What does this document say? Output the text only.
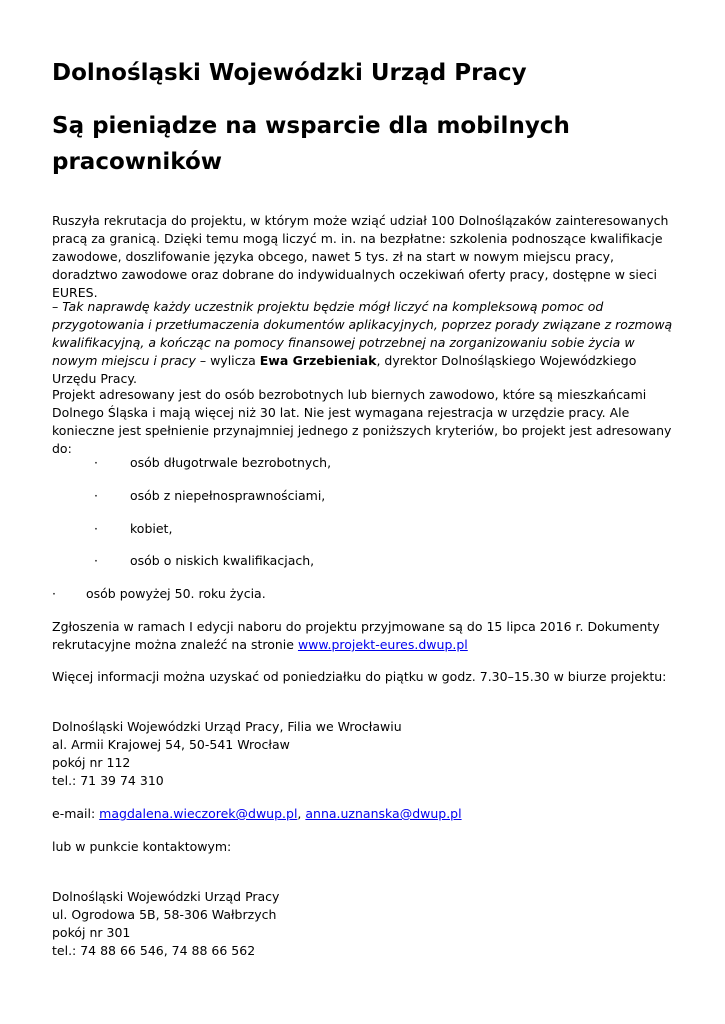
Dolnośląski Wojewódzki Urząd Pracy
Są pieniądze na wsparcie dla mobilnych
pracowników

Ruszyła rekrutacja do projektu, w którym może wziąć udział 100 Dolnoślązaków zainteresowanych pracą za granicą. Dzięki temu mogą liczyć m. in. na bezpłatne: szkolenia podnoszące kwalifikacje zawodowe, doszlifowanie języka obcego, nawet 5 tys. zł na start w nowym miejscu pracy, doradztwo zawodowe oraz dobrane do indywidualnych oczekiwań oferty pracy, dostępne w sieci EURES.

– Tak naprawdę każdy uczestnik projektu będzie mógł liczyć na kompleksową pomoc od przygotowania i przetłumaczenia dokumentów aplikacyjnych, poprzez porady związane z rozmową kwalifikacyjną, a kończąc na pomocy finansowej potrzebnej na zorganizowaniu sobie życia w nowym miejscu i pracy – wylicza Ewa Grzebieniak, dyrektor Dolnośląskiego Wojewódzkiego Urzędu Pracy.

Projekt adresowany jest do osób bezrobotnych lub biernych zawodowo, które są mieszkańcami Dolnego Śląska i mają więcej niż 30 lat. Nie jest wymagana rejestracja w urzędzie pracy. Ale konieczne jest spełnienie przynajmniej jednego z poniższych kryteriów, bo projekt jest adresowany do:

·	osób długotrwale bezrobotnych,
·	osób z niepełnosprawnościami,
·	kobiet,
·	osób o niskich kwalifikacjach,
· osób powyżej 50. roku życia.

Zgłoszenia w ramach I edycji naboru do projektu przyjmowane są do 15 lipca 2016 r. Dokumenty rekrutacyjne można znaleźć na stronie www.projekt-eures.dwup.pl

Więcej informacji można uzyskać od poniedziałku do piątku w godz. 7.30–15.30 w biurze projektu:

Dolnośląski Wojewódzki Urząd Pracy, Filia we Wrocławiu
al. Armii Krajowej 54, 50-541 Wrocław
pokój nr 112
tel.: 71 39 74 310

e-mail: magdalena.wieczorek@dwup.pl, anna.uznanska@dwup.pl

lub w punkcie kontaktowym:

Dolnośląski Wojewódzki Urząd Pracy
ul. Ogrodowa 5B, 58-306 Wałbrzych
pokój nr 301
tel.: 74 88 66 546, 74 88 66 562
